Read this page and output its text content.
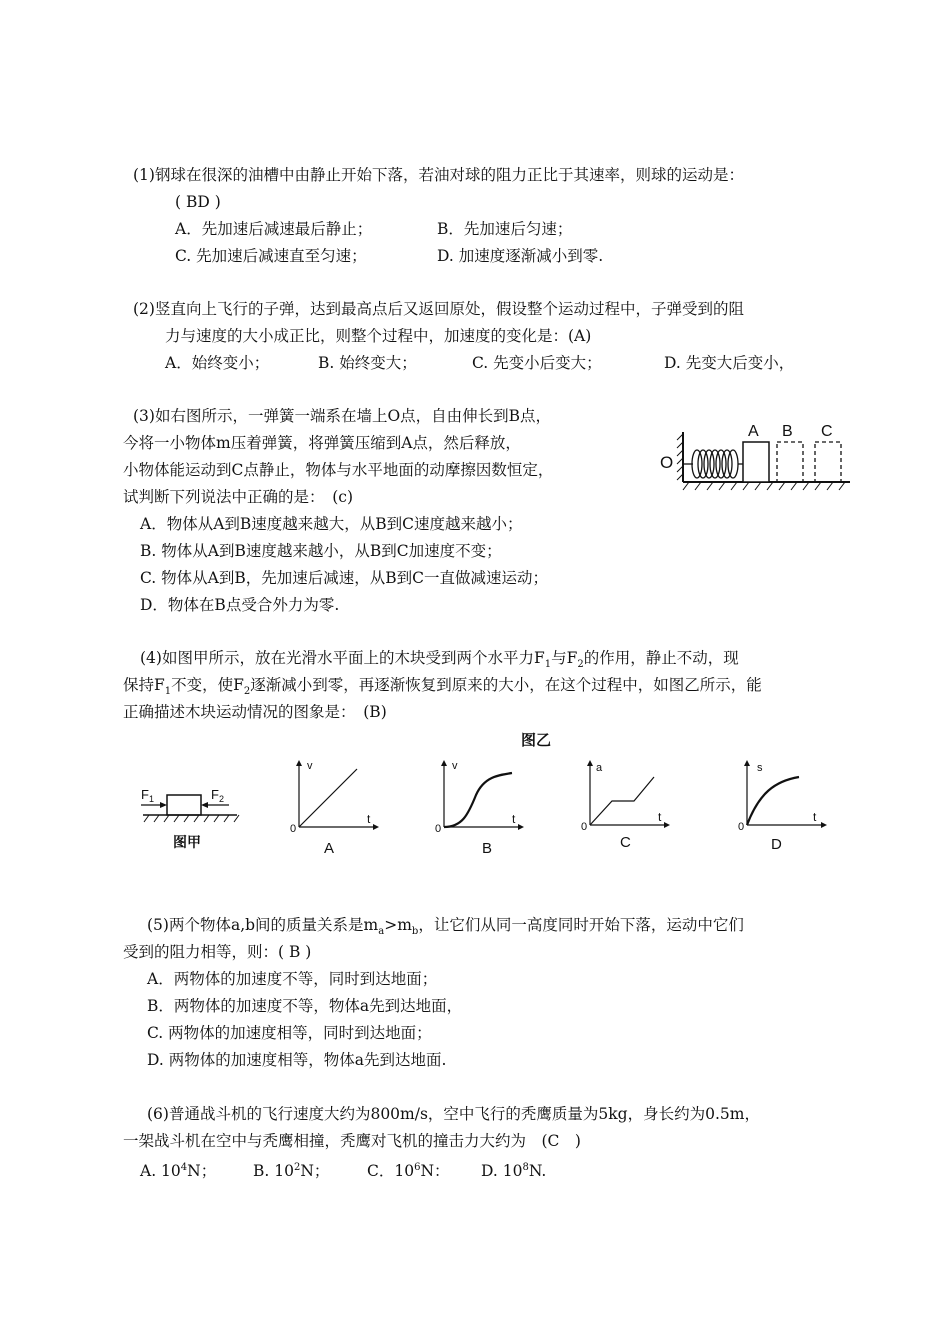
(1)钢球在很深的油槽中由静止开始下落，若油对球的阻力正比于其速率，则球的运动是：
( BD )
A．先加速后减速最后静止；	B．先加速后匀速；
C. 先加速后减速直至匀速；	D. 加速度逐渐减小到零.
(2)竖直向上飞行的子弹，达到最高点后又返回原处，假设整个运动过程中，子弹受到的阻
力与速度的大小成正比，则整个过程中，加速度的变化是：(A)
A．始终变小；	B. 始终变大；	C. 先变小后变大；	D. 先变大后变小，
(3)如右图所示，一弹簧一端系在墙上O点，自由伸长到B点，
今将一小物体m压着弹簧，将弹簧压缩到A点，然后释放，
小物体能运动到C点静止，物体与水平地面的动摩擦因数恒定，
试判断下列说法中正确的是：　(c)
A．物体从A到B速度越来越大，从B到C速度越来越小；
B. 物体从A到B速度越来越小，从B到C加速度不变；
C. 物体从A到B，先加速后减速，从B到C一直做减速运动；
D．物体在B点受合外力为零.
O
A B C
(4)如图甲所示，放在光滑水平面上的木块受到两个水平力$F_1$与$F_2$的作用，静止不动，现
保持$F_1$不变，使$F_2$逐渐减小到零，再逐渐恢复到原来的大小，在这个过程中，如图乙所示，能
正确描述木块运动情况的图象是：　(B)
图乙
$F_1$	$F_2$
图甲
v
t
0
A
v
t
0
B
a
t
0
C
s
t
0
D
(5)两个物体a,b间的质量关系是$m_a>m_b$，让它们从同一高度同时开始下落，运动中它们
受到的阻力相等，则：( B )
A．两物体的加速度不等，同时到达地面；
B．两物体的加速度不等，物体a先到达地面，
C. 两物体的加速度相等，同时到达地面；
D. 两物体的加速度相等，物体a先到达地面.
(6)普通战斗机的飞行速度大约为800m/s，空中飞行的秃鹰质量为5kg，身长约为0.5m，
一架战斗机在空中与秃鹰相撞，秃鹰对飞机的撞击力大约为　(C　)
A. $10^4N$； B. $10^2N$； C．$10^6N$： D. $10^8N$.
